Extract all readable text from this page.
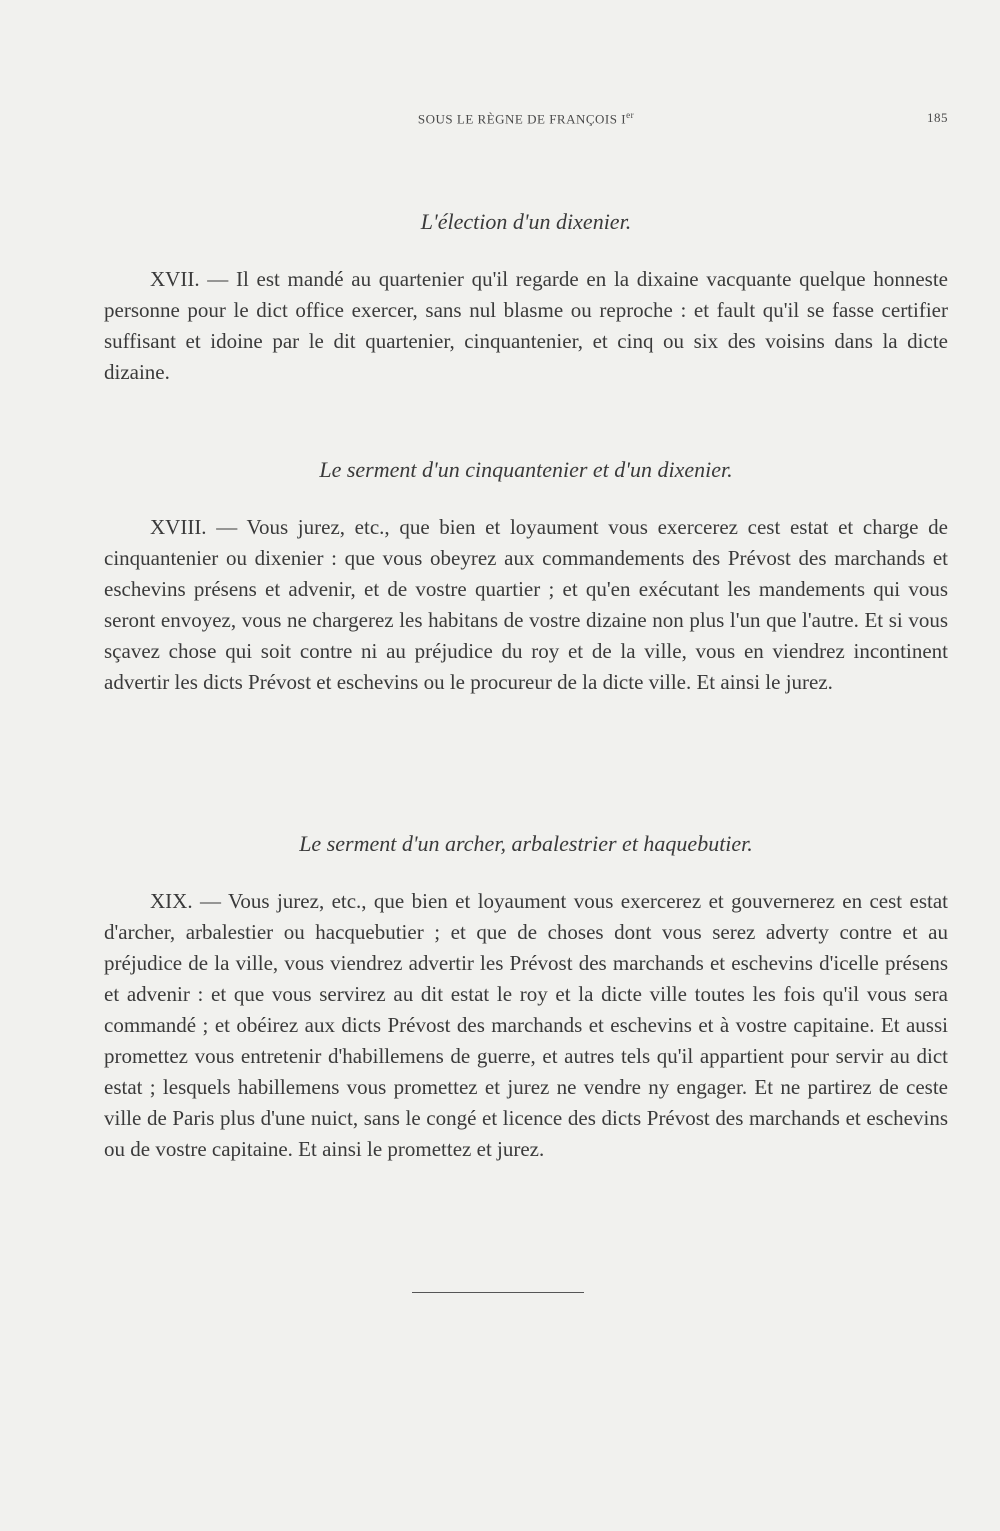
SOUS LE RÈGNE DE FRANÇOIS Ier	185
L'élection d'un dixenier.

XVII. — Il est mandé au quartenier qu'il regarde en la dixaine vacquante quelque honneste personne pour le dict office exercer, sans nul blasme ou reproche : et fault qu'il se fasse certifier suffisant et idoine par le dit quartenier, cinquantenier, et cinq ou six des voisins dans la dicte dizaine.

Le serment d'un cinquantenier et d'un dixenier.

XVIII. — Vous jurez, etc., que bien et loyaument vous exercerez cest estat et charge de cinquantenier ou dixenier : que vous obeyrez aux commandements des Prévost des marchands et eschevins présens et advenir, et de vostre quartier ; et qu'en exécutant les mandements qui vous seront envoyez, vous ne chargerez les habitans de vostre dizaine non plus l'un que l'autre. Et si vous sçavez chose qui soit contre ni au préjudice du roy et de la ville, vous en viendrez incontinent advertir les dicts Prévost et eschevins ou le procureur de la dicte ville. Et ainsi le jurez.

Le serment d'un archer, arbalestrier et haquebutier.

XIX. — Vous jurez, etc., que bien et loyaument vous exercerez et gouvernerez en cest estat d'archer, arbalestier ou hacquebutier ; et que de choses dont vous serez adverty contre et au préjudice de la ville, vous viendrez advertir les Prévost des marchands et eschevins d'icelle présens et advenir : et que vous servirez au dit estat le roy et la dicte ville toutes les fois qu'il vous sera commandé ; et obéirez aux dicts Prévost des marchands et eschevins et à vostre capitaine. Et aussi promettez vous entretenir d'habillemens de guerre, et autres tels qu'il appartient pour servir au dict estat ; lesquels habillemens vous promettez et jurez ne vendre ny engager. Et ne partirez de ceste ville de Paris plus d'une nuict, sans le congé et licence des dicts Prévost des marchands et eschevins ou de vostre capitaine. Et ainsi le promettez et jurez.
